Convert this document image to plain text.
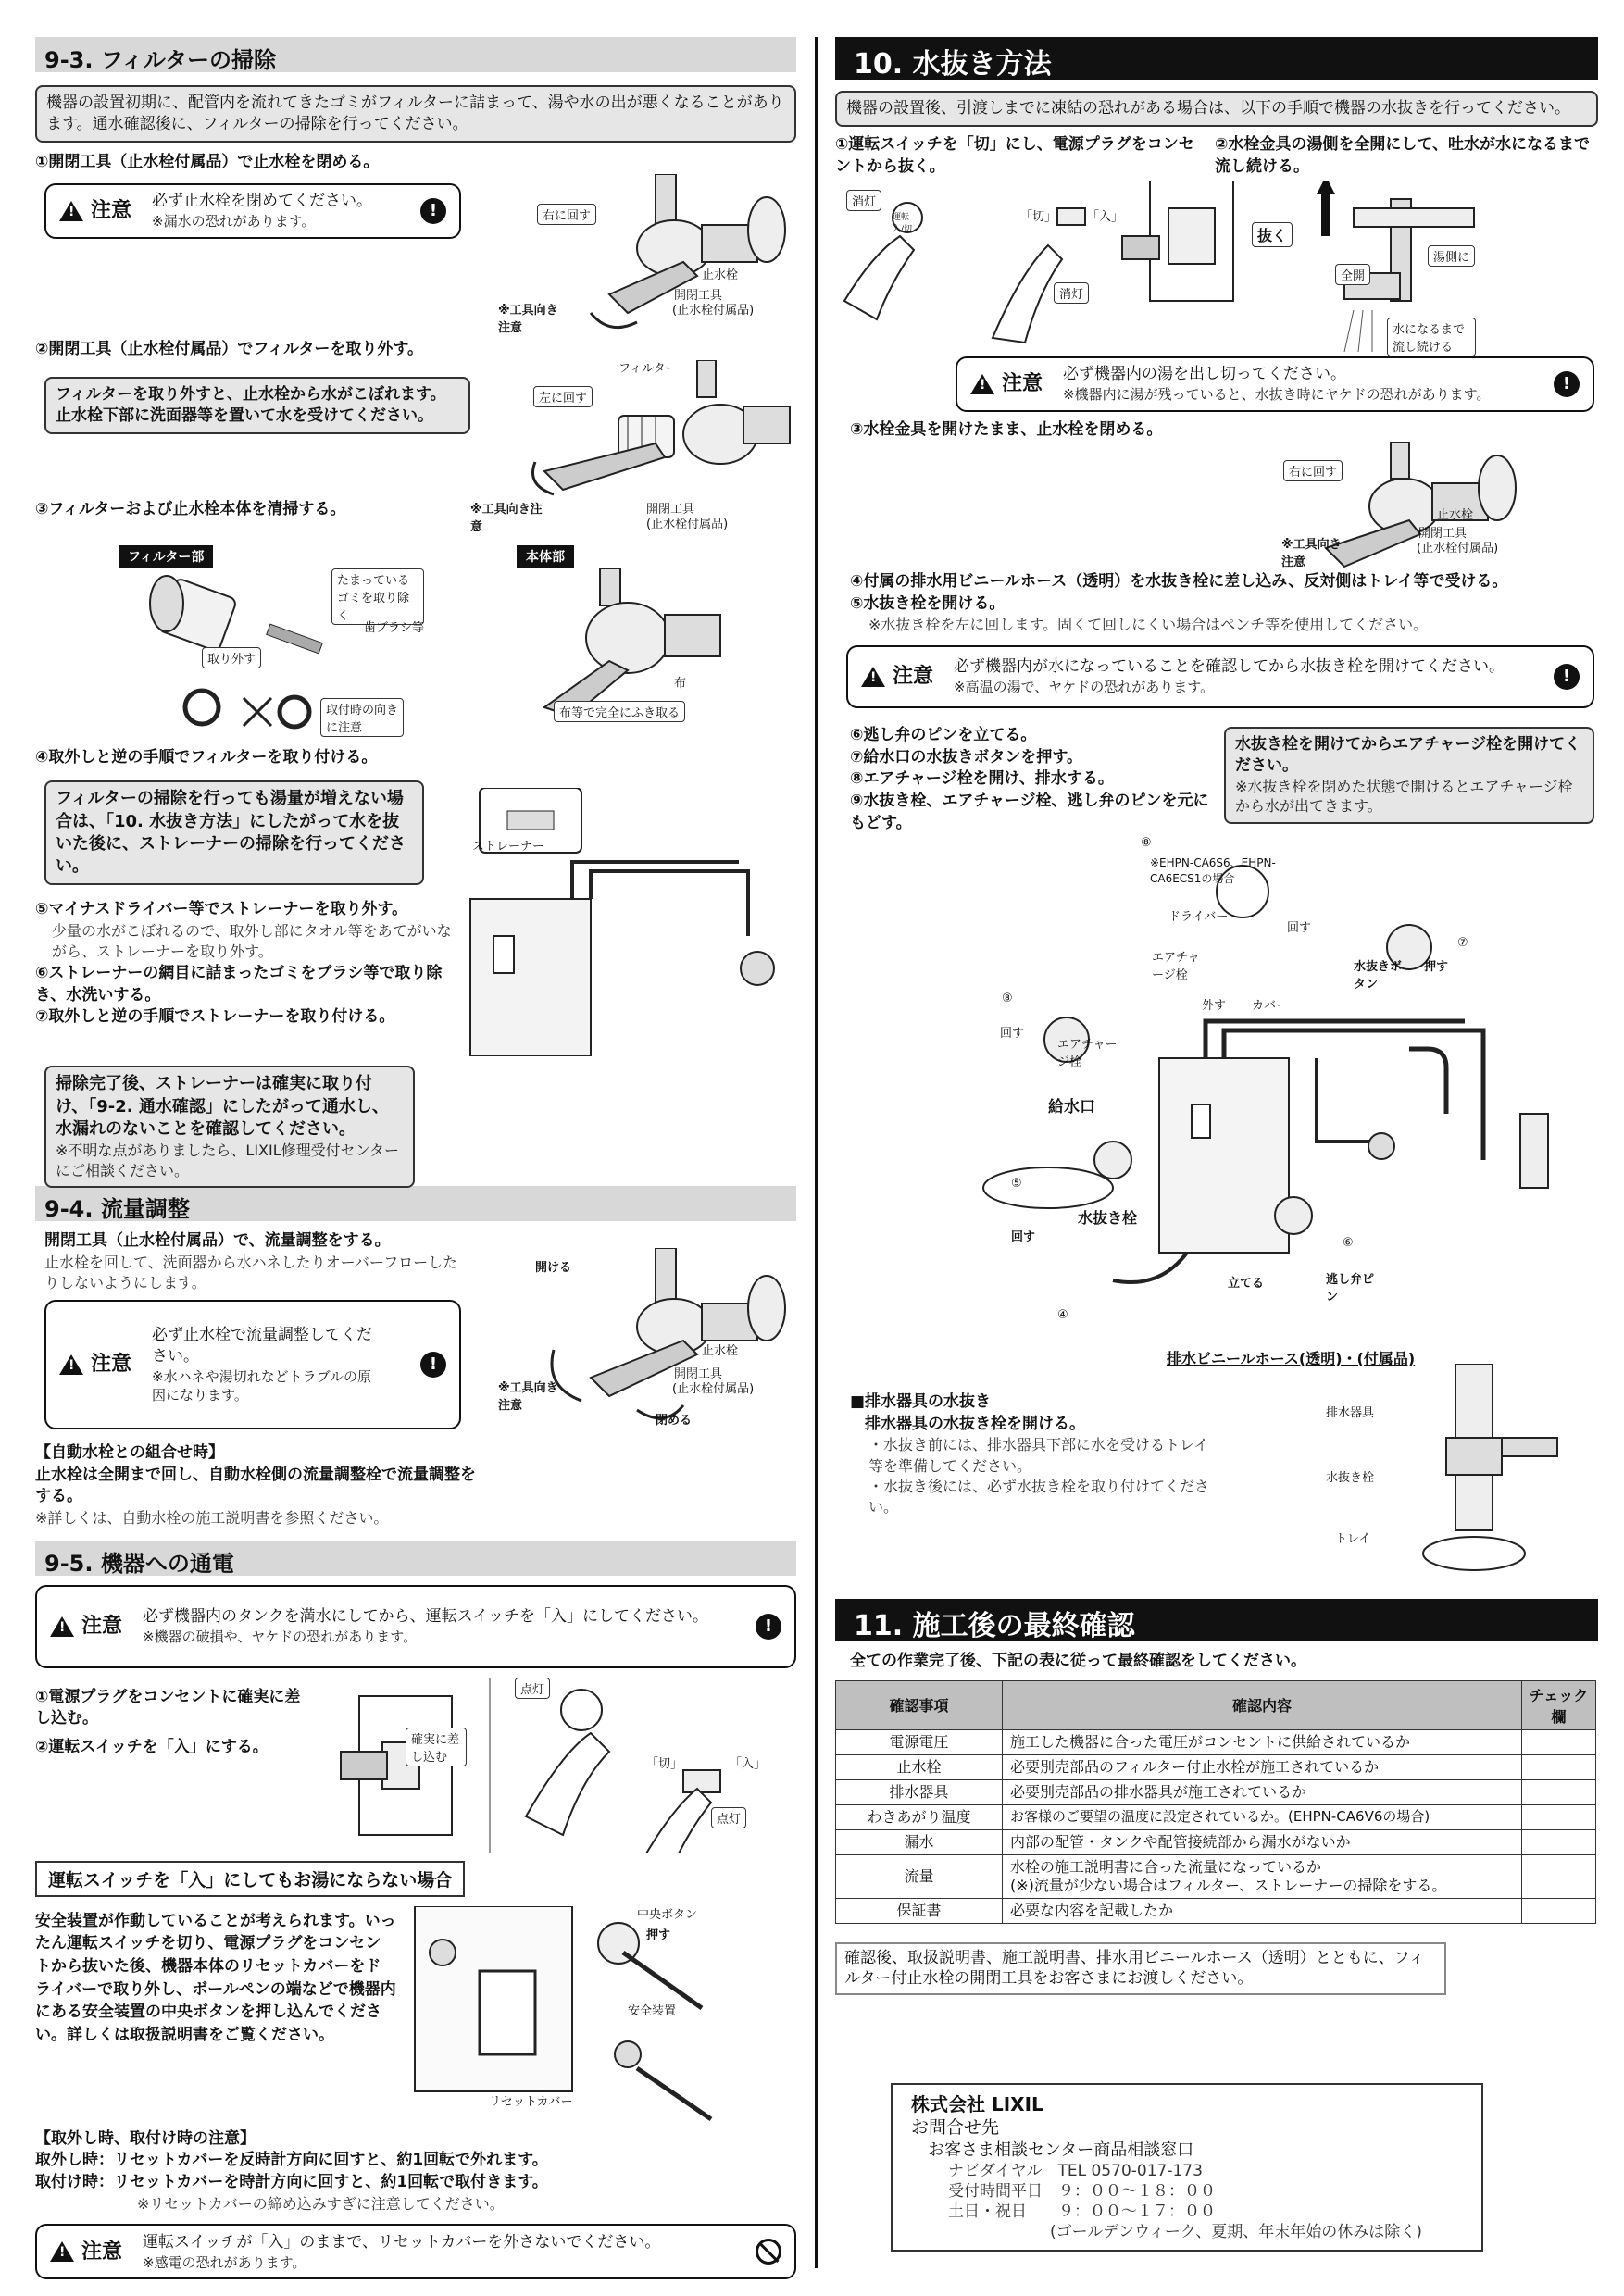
9-3. フィルターの掃除
機器の設置初期に、配管内を流れてきたゴミがフィルターに詰まって、湯や水の出が悪くなることがあります。通水確認後に、フィルターの掃除を行ってください。
①開閉工具（止水栓付属品）で止水栓を閉める。
!
注意 必ず止水栓を閉めてください。
※漏水の恐れがあります。
!	右に回す
止水栓
開閉工具
(止水栓付属品)
※工具向き注意
②開閉工具（止水栓付属品）でフィルターを取り外す。
フィルターを取り外すと、止水栓から水がこぼれます。止水栓下部に洗面器等を置いて水を受けてください。
フィルター
左に回す
③フィルターおよび止水栓本体を清掃する。	※工具向き注意
開閉工具
(止水栓付属品)
フィルター部	本体部
たまっているゴミを取り除く
歯ブラシ等
取り外す
取付時の向きに注意
布
布等で完全にふき取る
④取外しと逆の手順でフィルターを取り付ける。
フィルターの掃除を行っても湯量が増えない場合は、「10. 水抜き方法」にしたがって水を抜いた後に、ストレーナーの掃除を行ってください。
ストレーナー
⑤マイナスドライバー等でストレーナーを取り外す。
少量の水がこぼれるので、取外し部にタオル等をあてがいながら、ストレーナーを取り外す。
⑥ストレーナーの網目に詰まったゴミをブラシ等で取り除き、水洗いする。
⑦取外しと逆の手順でストレーナーを取り付ける。
掃除完了後、ストレーナーは確実に取り付け、「9-2. 通水確認」にしたがって通水し、水漏れのないことを確認してください。
※不明な点がありましたら、LIXIL修理受付センターにご相談ください。
9-4. 流量調整
開閉工具（止水栓付属品）で、流量調整をする。
止水栓を回して、洗面器から水ハネしたりオーバーフローしたりしないようにします。
!
注意
必ず止水栓で流量調整してください。
※水ハネや湯切れなどトラブルの原因になります。
!
開ける
止水栓
開閉工具
(止水栓付属品)
※工具向き注意
閉める
【自動水栓との組合せ時】
止水栓は全開まで回し、自動水栓側の流量調整栓で流量調整をする。
※詳しくは、自動水栓の施工説明書を参照ください。
9-5. 機器への通電
!
注意 必ず機器内のタンクを満水にしてから、運転スイッチを「入」にしてください。
※機器の破損や、ヤケドの恐れがあります。
!
①電源プラグをコンセントに確実に差し込む。
②運転スイッチを「入」にする。	確実に差し込む
点灯
「切」	「入」
点灯
運転スイッチを「入」にしてもお湯にならない場合
安全装置が作動していることが考えられます。いったん運転スイッチを切り、電源プラグをコンセントから抜いた後、機器本体のリセットカバーをドライバーで取り外し、ボールペンの端などで機器内にある安全装置の中央ボタンを押し込んでください。詳しくは取扱説明書をご覧ください。
中央ボタン
押す
安全装置
リセットカバー
【取外し時、取付け時の注意】
取外し時：リセットカバーを反時計方向に回すと、約1回転で外れます。
取付け時：リセットカバーを時計方向に回すと、約1回転で取付きます。
※リセットカバーの締め込みすぎに注意してください。
!
注意 運転スイッチが「入」のままで、リセットカバーを外さないでください。
※感電の恐れがあります。
10. 水抜き方法
機器の設置後、引渡しまでに凍結の恐れがある場合は、以下の手順で機器の水抜きを行ってください。
①運転スイッチを「切」にし、電源プラグをコンセントから抜く。
②水栓金具の湯側を全開にして、吐水が水になるまで流し続ける。
消灯
運転入/切
「切」	「入」
消灯
抜く
全開
湯側に
水になるまで流し続ける
!
注意 必ず機器内の湯を出し切ってください。
※機器内に湯が残っていると、水抜き時にヤケドの恐れがあります。
!
③水栓金具を開けたまま、止水栓を閉める。
右に回す
止水栓
開閉工具
(止水栓付属品)
※工具向き注意
④付属の排水用ビニールホース（透明）を水抜き栓に差し込み、反対側はトレイ等で受ける。
⑤水抜き栓を開ける。
※水抜き栓を左に回します。固くて回しにくい場合はペンチ等を使用してください。
!
注意 必ず機器内が水になっていることを確認してから水抜き栓を開けてください。
※高温の湯で、ヤケドの恐れがあります。
!
⑥逃し弁のピンを立てる。
⑦給水口の水抜きボタンを押す。
⑧エアチャージ栓を開け、排水する。
⑨水抜き栓、エアチャージ栓、逃し弁のピンを元にもどす。
水抜き栓を開けてからエアチャージ栓を開けてください。
※水抜き栓を閉めた状態で開けるとエアチャージ栓から水が出てきます。
⑧
※EHPN-CA6S6、EHPN-CA6ECS1の場合
ドライバー
回す
エアチャージ栓
外す カバー
⑦
水抜きボタン
押す
⑧
回す
エアチャージ栓
給水口
⑤
回す
水抜き栓
⑥
立てる	逃し弁ピン
④
排水ビニールホース(透明)・(付属品)
■排水器具の水抜き
排水器具の水抜き栓を開ける。
・水抜き前には、排水器具下部に水を受けるトレイ等を準備してください。
・水抜き後には、必ず水抜き栓を取り付けてください。
排水器具
水抜き栓
トレイ
11. 施工後の最終確認
全ての作業完了後、下記の表に従って最終確認をしてください。
確認事項	確認内容	チェック欄
電源電圧	施工した機器に合った電圧がコンセントに供給されているか	
止水栓	必要別売部品のフィルター付止水栓が施工されているか	
排水器具	必要別売部品の排水器具が施工されているか	
わきあがり温度	お客様のご要望の温度に設定されているか。(EHPN-CA6V6の場合)	
漏水	内部の配管・タンクや配管接続部から漏水がないか	
流量	水栓の施工説明書に合った流量になっているか
(※)流量が少ない場合はフィルター、ストレーナーの掃除をする。	
保証書	必要な内容を記載したか	
確認後、取扱説明書、施工説明書、排水用ビニールホース（透明）とともに、フィルター付止水栓の開閉工具をお客さまにお渡しください。
株式会社 LIXIL
お問合せ先
お客さま相談センター商品相談窓口
ナビダイヤル　TEL 0570-017-173
受付時間平日　９：００～１８：００
土日・祝日　　９：００～１７：００
(ゴールデンウィーク、夏期、年末年始の休みは除く)
